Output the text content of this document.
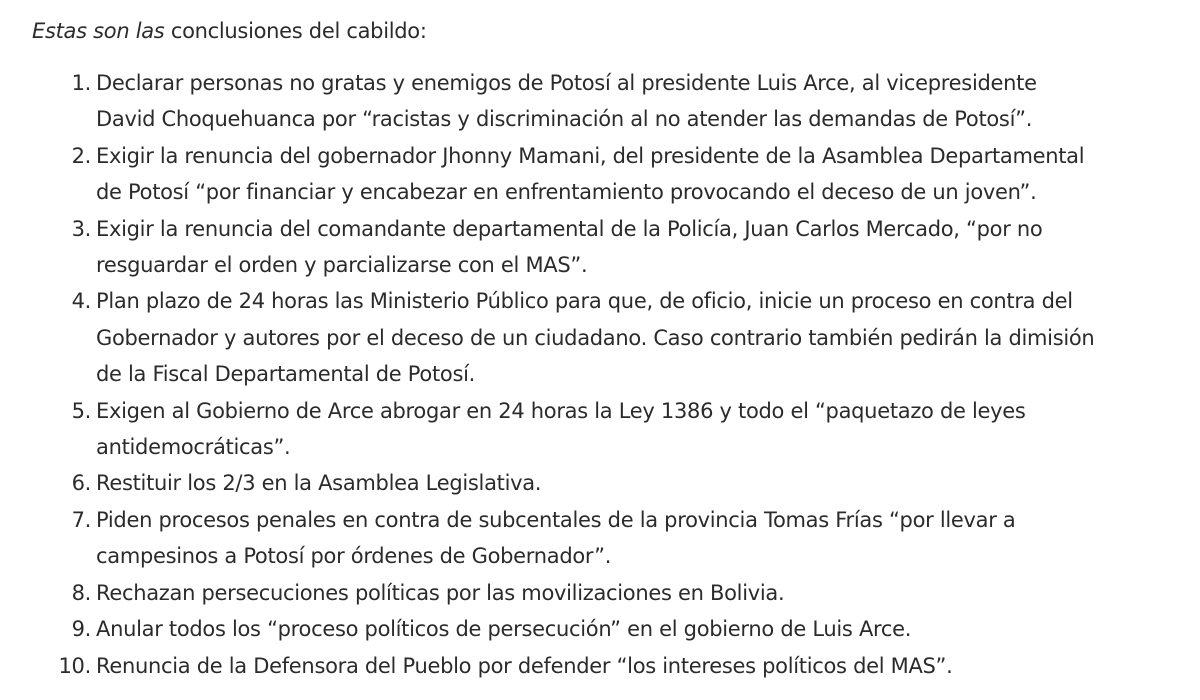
Estas son las conclusiones del cabildo:

1. Declarar personas no gratas y enemigos de Potosí al presidente Luis Arce, al vicepresidente
David Choquehuanca por “racistas y discriminación al no atender las demandas de Potosí”.
2. Exigir la renuncia del gobernador Jhonny Mamani, del presidente de la Asamblea Departamental
de Potosí “por financiar y encabezar en enfrentamiento provocando el deceso de un joven”.
3. Exigir la renuncia del comandante departamental de la Policía, Juan Carlos Mercado, “por no
resguardar el orden y parcializarse con el MAS”.
4. Plan plazo de 24 horas las Ministerio Público para que, de oficio, inicie un proceso en contra del
Gobernador y autores por el deceso de un ciudadano. Caso contrario también pedirán la dimisión
de la Fiscal Departamental de Potosí.
5. Exigen al Gobierno de Arce abrogar en 24 horas la Ley 1386 y todo el “paquetazo de leyes
antidemocráticas”.
6. Restituir los 2/3 en la Asamblea Legislativa.
7. Piden procesos penales en contra de subcentales de la provincia Tomas Frías “por llevar a
campesinos a Potosí por órdenes de Gobernador”.
8. Rechazan persecuciones políticas por las movilizaciones en Bolivia.
9. Anular todos los “proceso políticos de persecución” en el gobierno de Luis Arce.
10. Renuncia de la Defensora del Pueblo por defender “los intereses políticos del MAS”.
